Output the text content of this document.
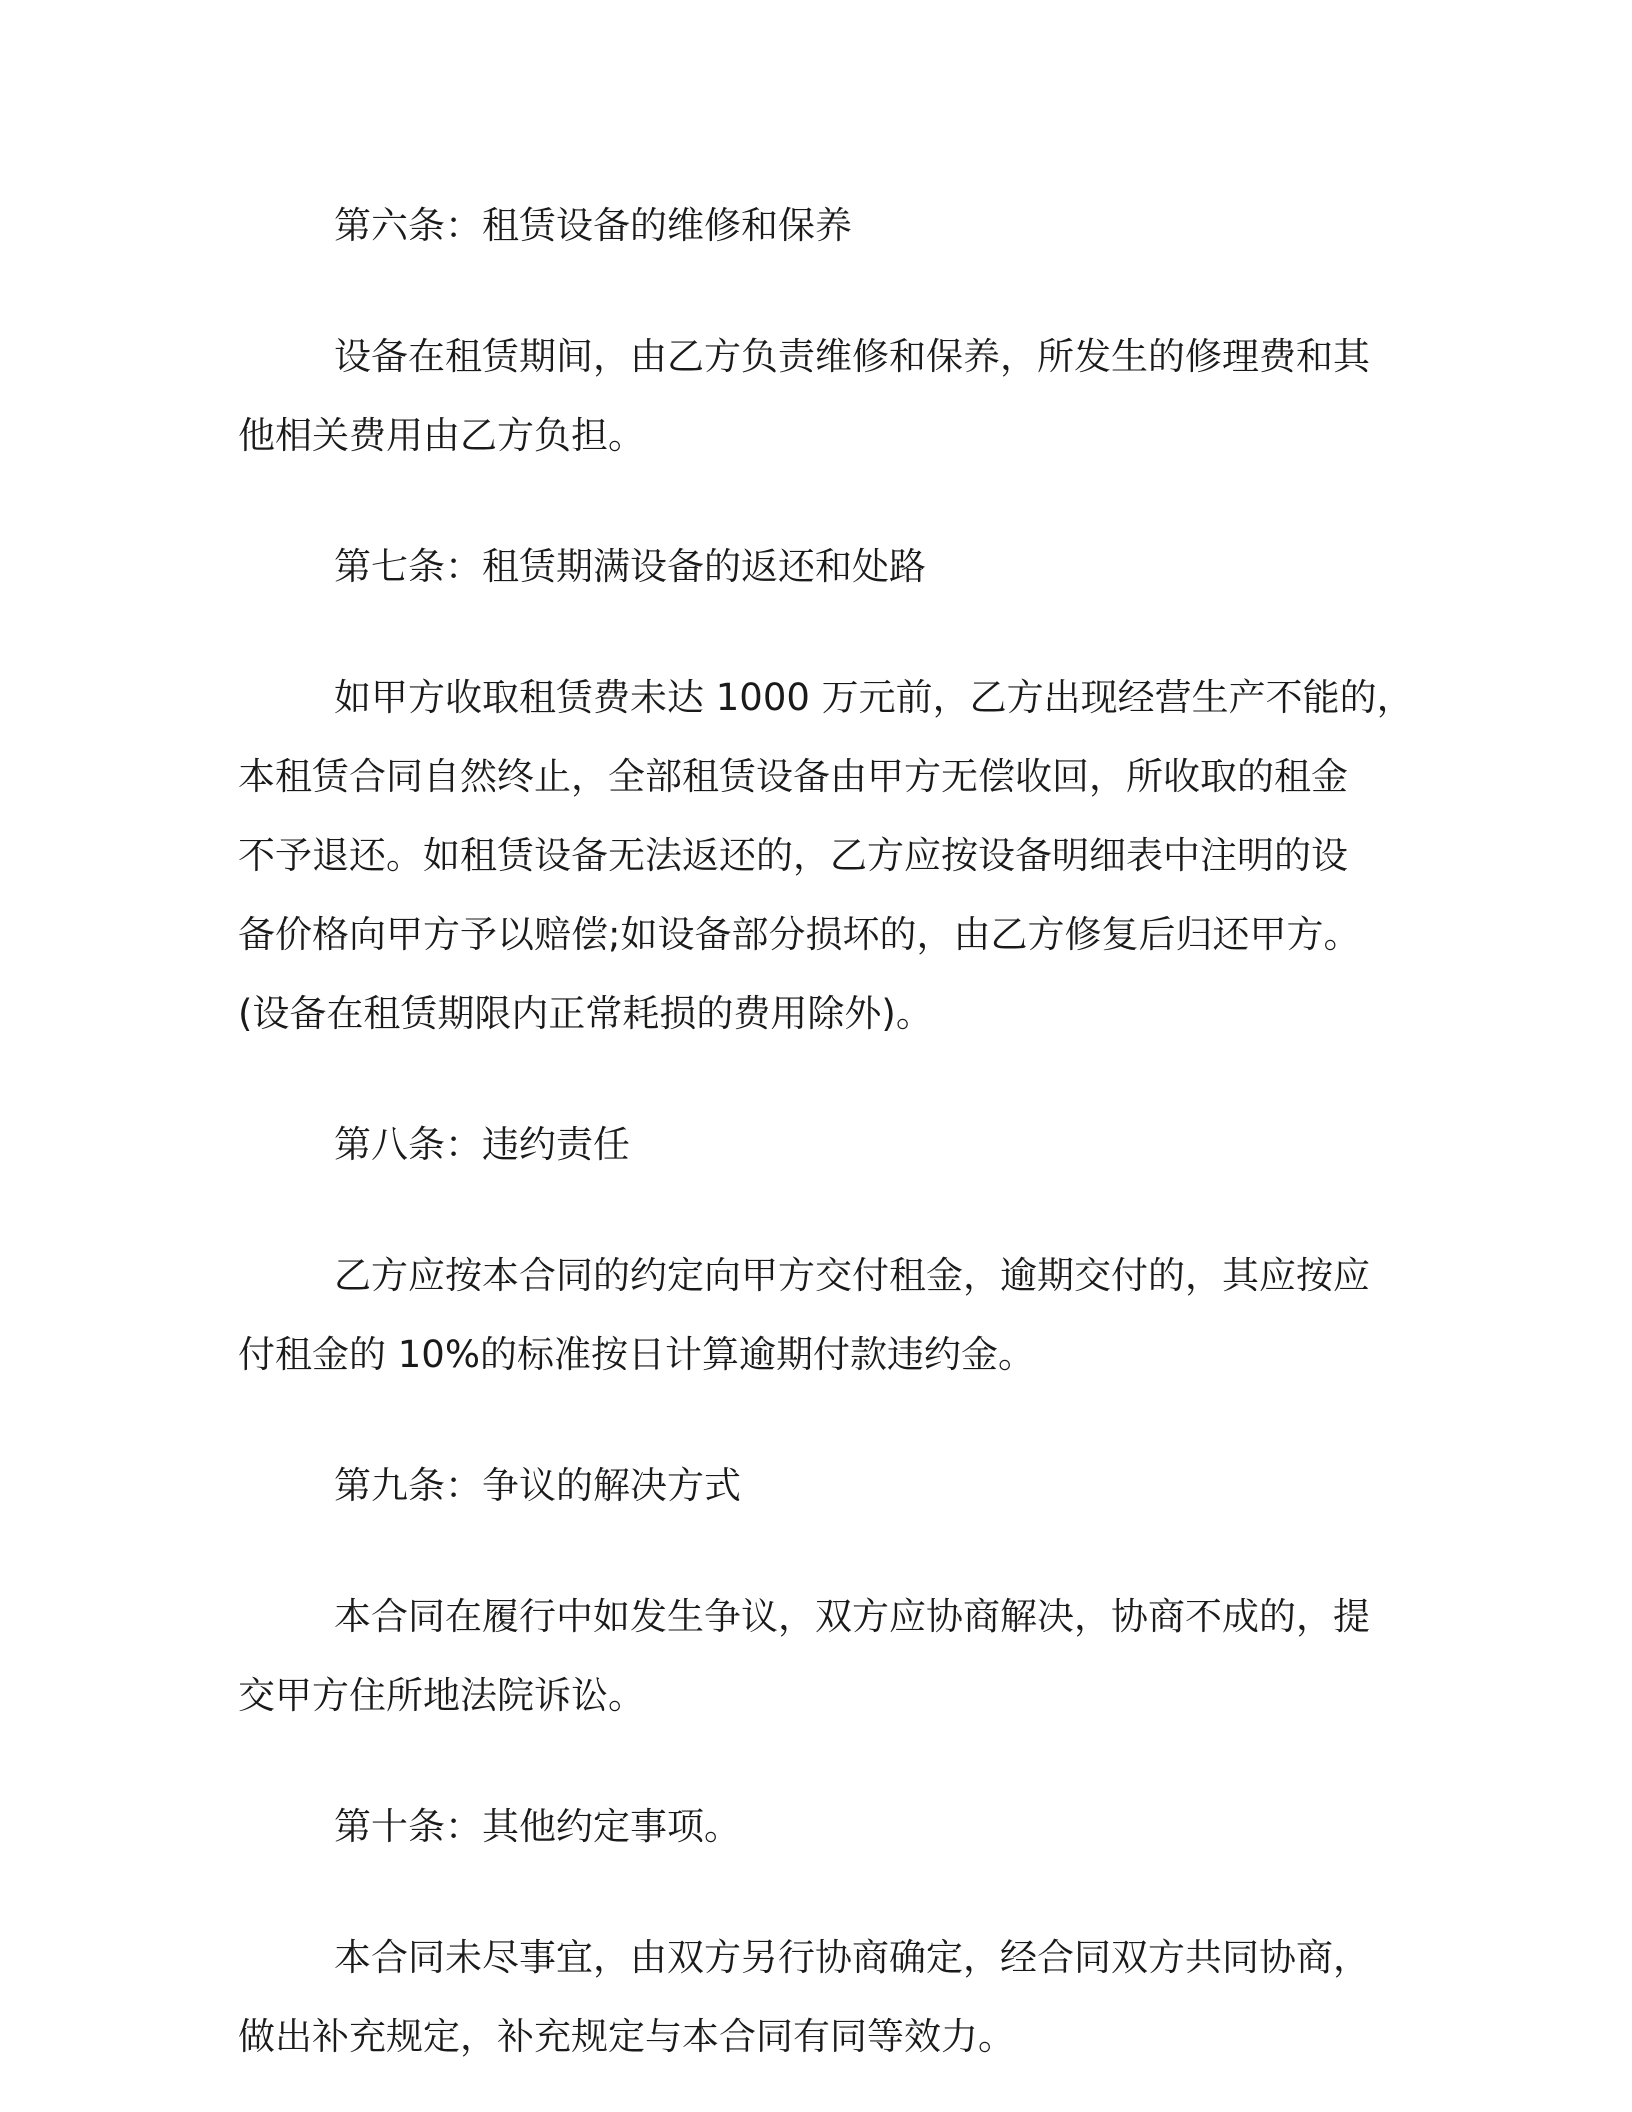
第六条：租赁设备的维修和保养
设备在租赁期间，由乙方负责维修和保养，所发生的修理费和其
他相关费用由乙方负担。
第七条：租赁期满设备的返还和处路
如甲方收取租赁费未达 1000 万元前，乙方出现经营生产不能的，
本租赁合同自然终止，全部租赁设备由甲方无偿收回，所收取的租金
不予退还。如租赁设备无法返还的，乙方应按设备明细表中注明的设
备价格向甲方予以赔偿;如设备部分损坏的，由乙方修复后归还甲方。
(设备在租赁期限内正常耗损的费用除外)。
第八条：违约责任
乙方应按本合同的约定向甲方交付租金，逾期交付的，其应按应
付租金的 10%的标准按日计算逾期付款违约金。
第九条：争议的解决方式
本合同在履行中如发生争议，双方应协商解决，协商不成的，提
交甲方住所地法院诉讼。
第十条：其他约定事项。
本合同未尽事宜，由双方另行协商确定，经合同双方共同协商，
做出补充规定，补充规定与本合同有同等效力。
